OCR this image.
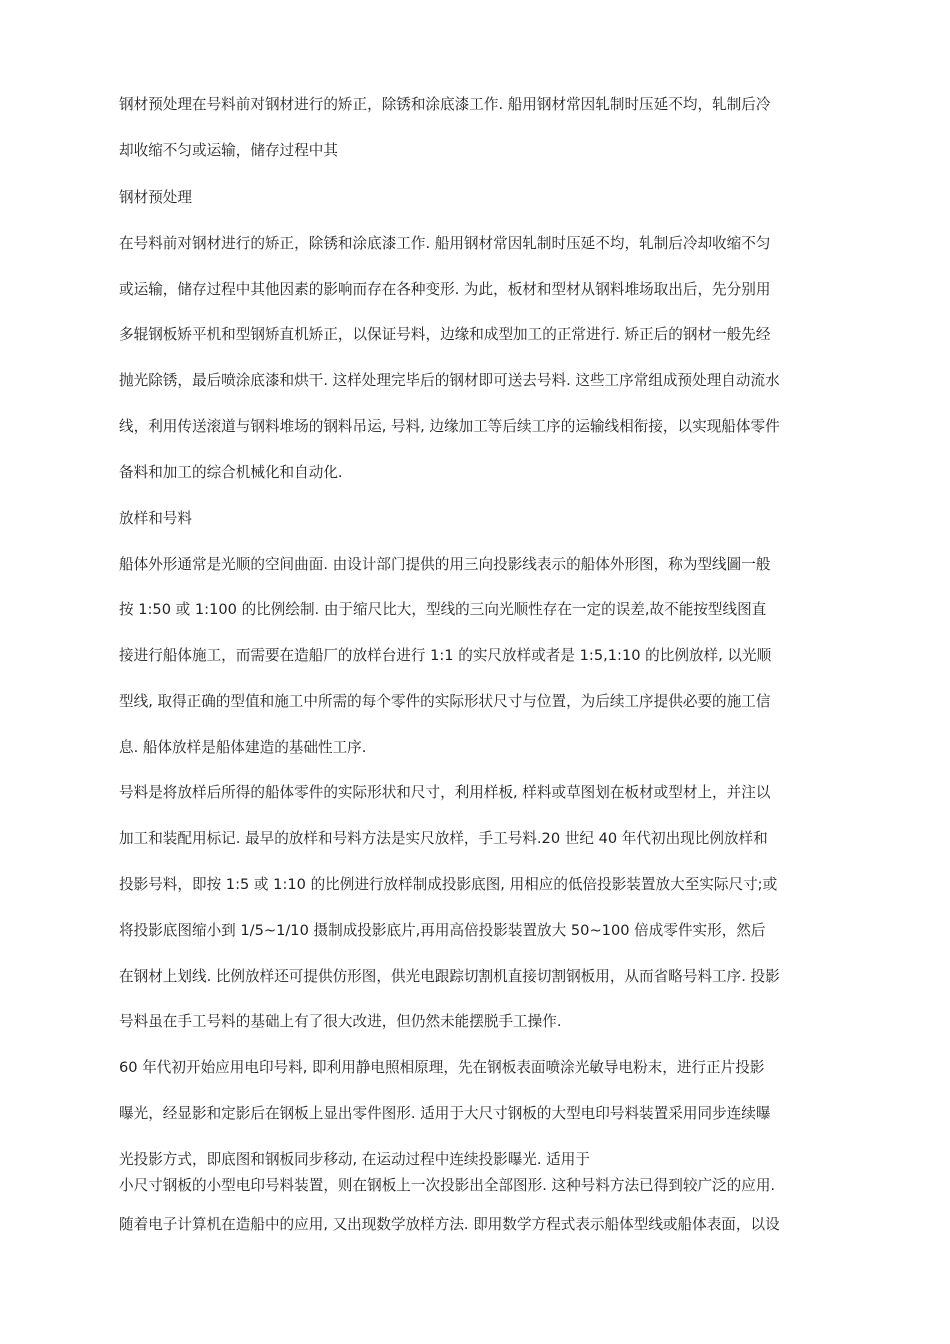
钢材预处理在号料前对钢材进行的矫正，除锈和涂底漆工作. 船用钢材常因轧制时压延不均，轧制后冷
却收缩不匀或运输，储存过程中其
钢材预处理
在号料前对钢材进行的矫正，除锈和涂底漆工作. 船用钢材常因轧制时压延不均，轧制后冷却收缩不匀
或运输，储存过程中其他因素的影响而存在各种变形. 为此，板材和型材从钢料堆场取出后，先分别用
多辊钢板矫平机和型钢矫直机矫正，以保证号料，边缘和成型加工的正常进行. 矫正后的钢材一般先经
抛光除锈，最后喷涂底漆和烘干. 这样处理完毕后的钢材即可送去号料. 这些工序常组成预处理自动流水
线，利用传送滚道与钢料堆场的钢料吊运, 号料, 边缘加工等后续工序的运输线相衔接，以实现船体零件
备料和加工的综合机械化和自动化.
放样和号料
船体外形通常是光顺的空间曲面. 由设计部门提供的用三向投影线表示的船体外形图，称为型线圖一般
按 1:50 或 1:100 的比例绘制. 由于缩尺比大，型线的三向光顺性存在一定的误差,故不能按型线图直
接进行船体施工，而需要在造船厂的放样台进行 1:1 的实尺放样或者是 1:5,1:10 的比例放样, 以光顺
型线, 取得正确的型值和施工中所需的每个零件的实际形状尺寸与位置，为后续工序提供必要的施工信
息. 船体放样是船体建造的基础性工序.
号料是将放样后所得的船体零件的实际形状和尺寸，利用样板, 样料或草图划在板材或型材上，并注以
加工和装配用标记. 最早的放样和号料方法是实尺放样，手工号料.20 世纪 40 年代初出现比例放样和
投影号料，即按 1:5 或 1:10 的比例进行放样制成投影底图, 用相应的低倍投影装置放大至实际尺寸;或
将投影底图缩小到 1/5~1/10 摄制成投影底片,再用高倍投影装置放大 50~100 倍成零件实形，然后
在钢材上划线. 比例放样还可提供仿形图，供光电跟踪切割机直接切割钢板用，从而省略号料工序. 投影
号料虽在手工号料的基础上有了很大改进，但仍然未能摆脱手工操作.
60 年代初开始应用电印号料, 即利用静电照相原理，先在钢板表面喷涂光敏导电粉末，进行正片投影
曝光，经显影和定影后在钢板上显出零件图形. 适用于大尺寸钢板的大型电印号料装置采用同步连续曝
光投影方式，即底图和钢板同步移动, 在运动过程中连续投影曝光. 适用于
小尺寸钢板的小型电印号料装置，则在钢板上一次投影出全部图形. 这种号料方法已得到较广泛的应用.
随着电子计算机在造船中的应用, 又出现数学放样方法. 即用数学方程式表示船体型线或船体表面，以设
